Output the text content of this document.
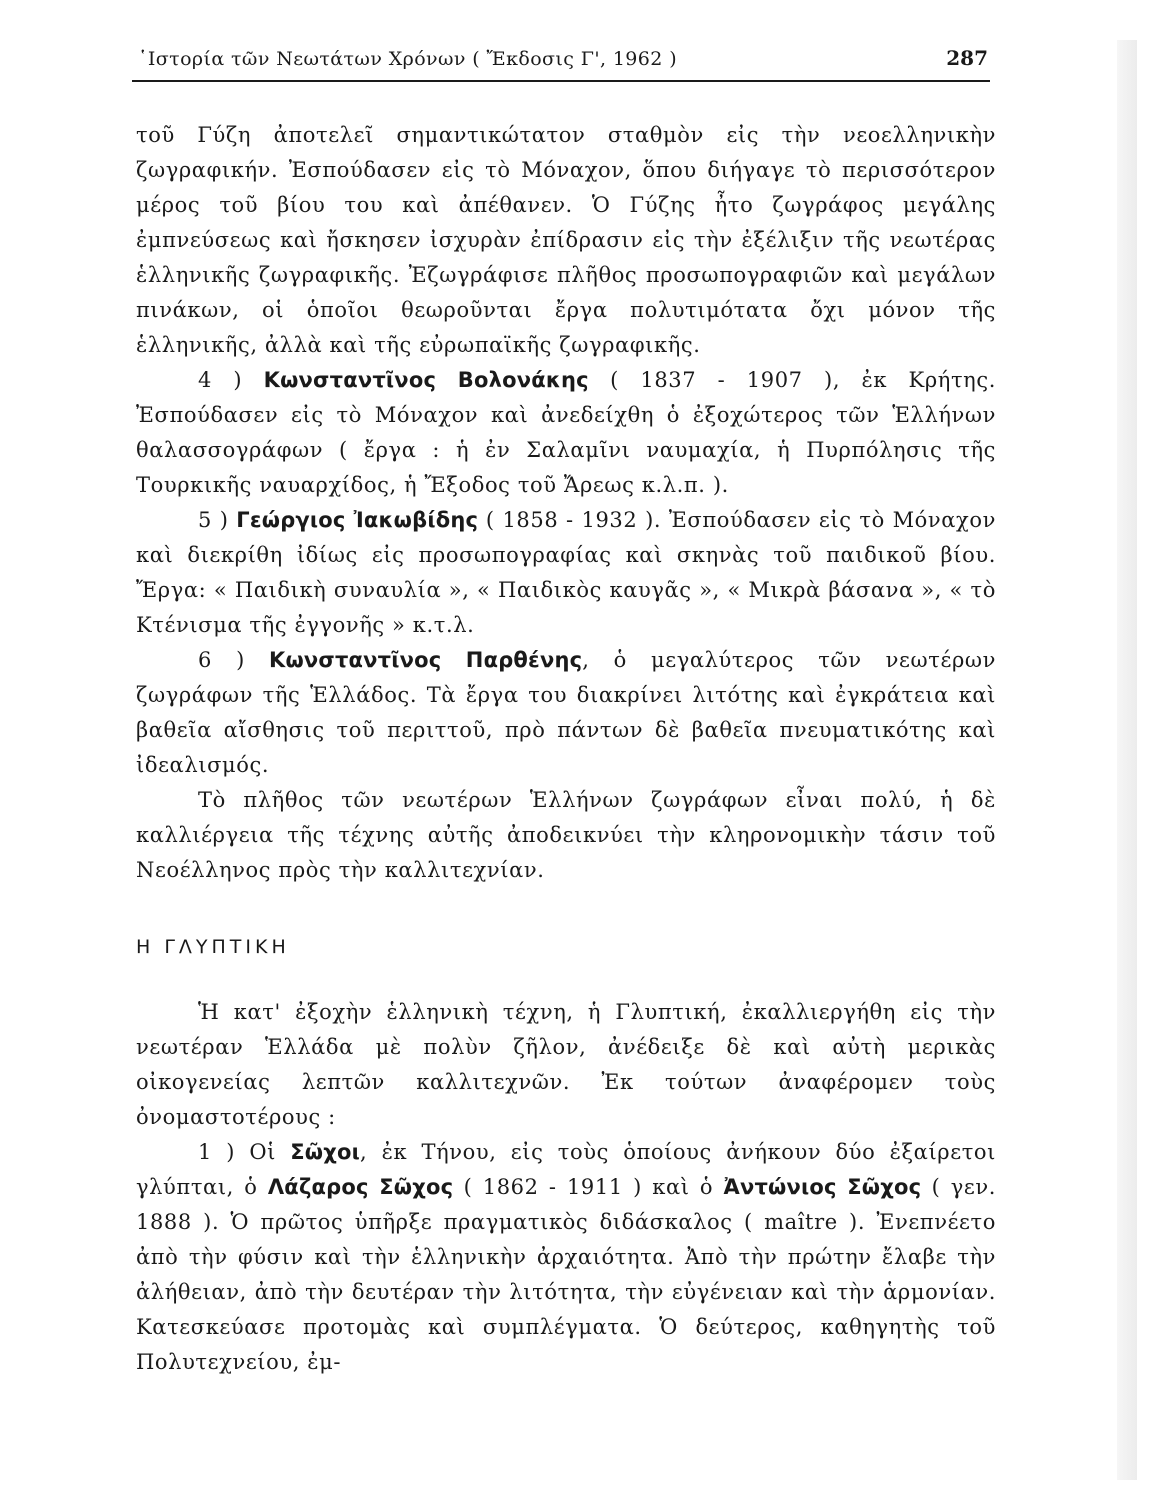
῾Ιστορία τῶν Νεωτάτων Χρόνων ( Ἔκδοσις Γ', 1962 )	287

τοῦ Γύζη ἀποτελεῖ σημαντικώτατον σταθμὸν εἰς τὴν νεοελληνικὴν ζωγραφικήν. Ἐσπούδασεν εἰς τὸ Μόναχον, ὅπου διήγαγε τὸ περισσότερον μέρος τοῦ βίου του καὶ ἀπέθανεν. Ὁ Γύζης ἦτο ζωγράφος μεγάλης ἐμπνεύσεως καὶ ἤσκησεν ἰσχυρὰν ἐπίδρασιν εἰς τὴν ἐξέλιξιν τῆς νεωτέρας ἑλληνικῆς ζωγραφικῆς. Ἐζωγράφισε πλῆθος προσωπογραφιῶν καὶ μεγάλων πινάκων, οἱ ὁποῖοι θεωροῦνται ἔργα πολυτιμότατα ὄχι μόνον τῆς ἑλληνικῆς, ἀλλὰ καὶ τῆς εὐρωπαϊκῆς ζωγραφικῆς.

4 ) Κωνσταντῖνος Βολονάκης ( 1837 - 1907 ), ἐκ Κρήτης. Ἐσπούδασεν εἰς τὸ Μόναχον καὶ ἀνεδείχθη ὁ ἐξοχώτερος τῶν Ἑλλήνων θαλασσογράφων ( ἔργα : ἡ ἐν Σαλαμῖνι ναυμαχία, ἡ Πυρπόλησις τῆς Τουρκικῆς ναυαρχίδος, ἡ Ἔξοδος τοῦ Ἄρεως κ.λ.π. ).

5 ) Γεώργιος Ἰακωβίδης ( 1858 - 1932 ). Ἐσπούδασεν εἰς τὸ Μόναχον καὶ διεκρίθη ἰδίως εἰς προσωπογραφίας καὶ σκηνὰς τοῦ παιδικοῦ βίου. Ἔργα: « Παιδικὴ συναυλία », « Παιδικὸς καυγᾶς », « Μικρὰ βάσανα », « τὸ Κτένισμα τῆς ἐγγονῆς » κ.τ.λ.

6 ) Κωνσταντῖνος Παρθένης, ὁ μεγαλύτερος τῶν νεωτέρων ζωγράφων τῆς Ἑλλάδος. Τὰ ἔργα του διακρίνει λιτότης καὶ ἐγκράτεια καὶ βαθεῖα αἴσθησις τοῦ περιττοῦ, πρὸ πάντων δὲ βαθεῖα πνευματικότης καὶ ἰδεαλισμός.

Τὸ πλῆθος τῶν νεωτέρων Ἑλλήνων ζωγράφων εἶναι πολύ, ἡ δὲ καλλιέργεια τῆς τέχνης αὐτῆς ἀποδεικνύει τὴν κληρονομικὴν τάσιν τοῦ Νεοέλληνος πρὸς τὴν καλλιτεχνίαν.

Η ΓΛΥΠΤΙΚΗ

Ἡ κατ' ἐξοχὴν ἑλληνικὴ τέχνη, ἡ Γλυπτική, ἐκαλλιεργήθη εἰς τὴν νεωτέραν Ἑλλάδα μὲ πολὺν ζῆλον, ἀνέδειξε δὲ καὶ αὐτὴ μερικὰς οἰκογενείας λεπτῶν καλλιτεχνῶν. Ἐκ τούτων ἀναφέρομεν τοὺς ὀνομαστοτέρους :

1 ) Οἱ Σῶχοι, ἐκ Τήνου, εἰς τοὺς ὁποίους ἀνήκουν δύο ἐξαίρετοι γλύπται, ὁ Λάζαρος Σῶχος ( 1862 - 1911 ) καὶ ὁ Ἀντώνιος Σῶχος ( γεν. 1888 ). Ὁ πρῶτος ὑπῆρξε πραγματικὸς διδάσκαλος ( maître ). Ἐνεπνέετο ἀπὸ τὴν φύσιν καὶ τὴν ἑλληνικὴν ἀρχαιότητα. Ἀπὸ τὴν πρώτην ἔλαβε τὴν ἀλήθειαν, ἀπὸ τὴν δευτέραν τὴν λιτότητα, τὴν εὐγένειαν καὶ τὴν ἁρμονίαν. Κατεσκεύασε προτομὰς καὶ συμπλέγματα. Ὁ δεύτερος, καθηγητὴς τοῦ Πολυτεχνείου, ἐμ-
